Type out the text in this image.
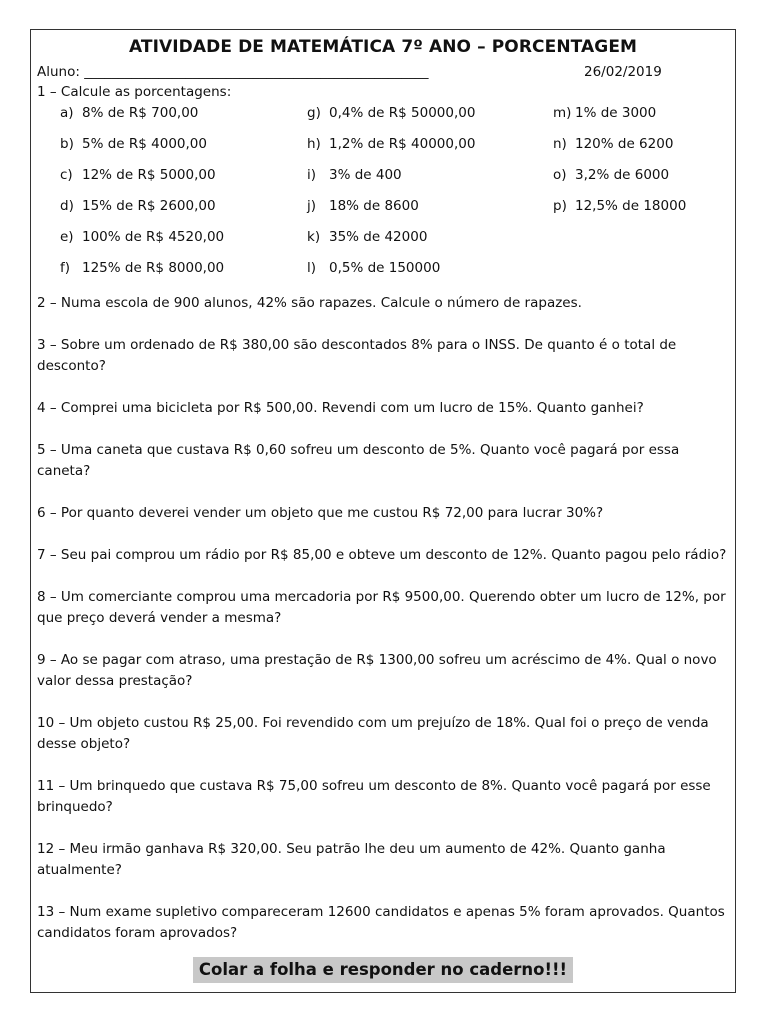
ATIVIDADE DE MATEMÁTICA 7º ANO – PORCENTAGEM
Aluno: ___________________________________________________	26/02/2019
1 – Calcule as porcentagens:
a) 8% de R$ 700,00
b) 5% de R$ 4000,00
c) 12% de R$ 5000,00
d) 15% de R$ 2600,00
e) 100% de R$ 4520,00
f) 125% de R$ 8000,00
g) 0,4% de R$ 50000,00
h) 1,2% de R$ 40000,00
i) 3% de 400
j) 18% de 8600
k) 35% de 42000
l) 0,5% de 150000
m) 1% de 3000
n) 120% de 6200
o) 3,2% de 6000
p) 12,5% de 18000

2 – Numa escola de 900 alunos, 42% são rapazes. Calcule o número de rapazes.

3 – Sobre um ordenado de R$ 380,00 são descontados 8% para o INSS. De quanto é o total de desconto?

4 – Comprei uma bicicleta por R$ 500,00. Revendi com um lucro de 15%. Quanto ganhei?

5 – Uma caneta que custava R$ 0,60 sofreu um desconto de 5%. Quanto você pagará por essa caneta?

6 – Por quanto deverei vender um objeto que me custou R$ 72,00 para lucrar 30%?

7 – Seu pai comprou um rádio por R$ 85,00 e obteve um desconto de 12%. Quanto pagou pelo rádio?

8 – Um comerciante comprou uma mercadoria por R$ 9500,00. Querendo obter um lucro de 12%, por que preço deverá vender a mesma?

9 – Ao se pagar com atraso, uma prestação de R$ 1300,00 sofreu um acréscimo de 4%. Qual o novo valor dessa prestação?

10 – Um objeto custou R$ 25,00. Foi revendido com um prejuízo de 18%. Qual foi o preço de venda desse objeto?

11 – Um brinquedo que custava R$ 75,00 sofreu um desconto de 8%. Quanto você pagará por esse brinquedo?

12 – Meu irmão ganhava R$ 320,00. Seu patrão lhe deu um aumento de 42%. Quanto ganha atualmente?

13 – Num exame supletivo compareceram 12600 candidatos e apenas 5% foram aprovados. Quantos candidatos foram aprovados?

Colar a folha e responder no caderno!!!
